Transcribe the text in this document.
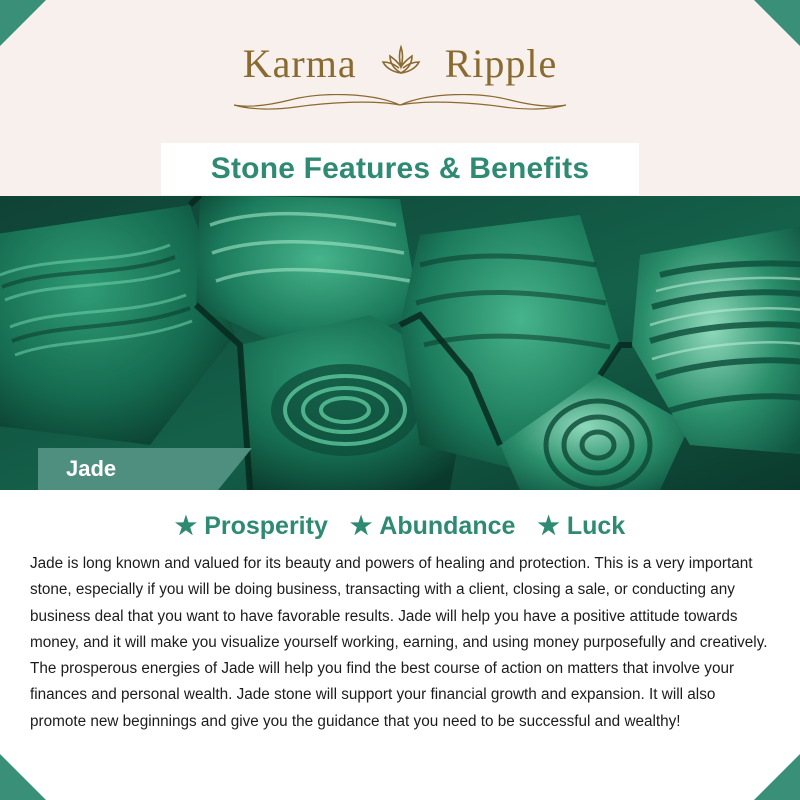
Karma Ripple
Jade
Stone Features & Benefits
★ Prosperity ★ Abundance ★ Luck

Jade is long known and valued for its beauty and powers of healing and protection. This is a very important stone, especially if you will be doing business, transacting with a client, closing a sale, or conducting any business deal that you want to have favorable results. Jade will help you have a positive attitude towards money, and it will make you visualize yourself working, earning, and using money purposefully and creatively. The prosperous energies of Jade will help you find the best course of action on matters that involve your finances and personal wealth. Jade stone will support your financial growth and expansion. It will also promote new beginnings and give you the guidance that you need to be successful and wealthy!
